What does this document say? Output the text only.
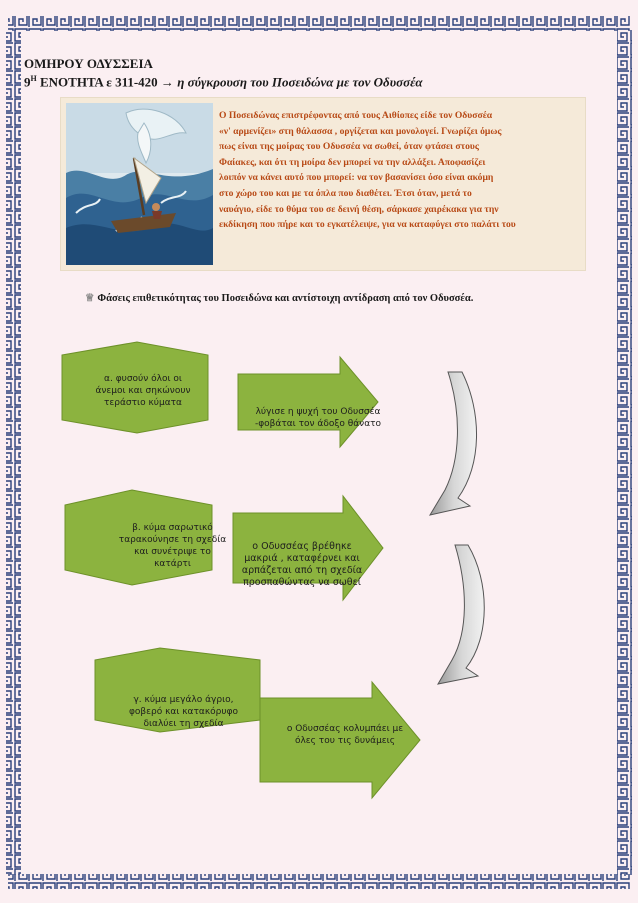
ΟΜΗΡΟΥ ΟΔΥΣΣΕΙΑ
$9^H$ ΕΝΟΤΗΤΑ ε 311-420 → η σύγκρουση του Ποσειδώνα με τον Οδυσσέα
Ο Ποσειδώνας επιστρέφοντας από τους Αιθίοπες είδε τον Οδυσσέα
«ν' αρμενίζει» στη θάλασσα , οργίζεται και μονολογεί. Γνωρίζει όμως
πως είναι της μοίρας του Οδυσσέα να σωθεί, όταν φτάσει στους
Φαίακες, και ότι τη μοίρα δεν μπορεί να την αλλάξει. Αποφασίζει
λοιπόν να κάνει αυτό που μπορεί: να τον βασανίσει όσο είναι ακόμη
στο χώρο του και με τα όπλα που διαθέτει. Έτσι όταν, μετά το
ναυάγιο, είδε το θύμα του σε δεινή θέση, σάρκασε χαιρέκακα για την
εκδίκηση που πήρε και το εγκατέλειψε, για να καταφύγει στο παλάτι του
♕ Φάσεις επιθετικότητας του Ποσειδώνα και αντίστοιχη αντίδραση από τον Οδυσσέα.
α. φυσούν όλοι οι
άνεμοι και σηκώνουν
τεράστιο κύματα
λύγισε η ψυχή του Οδυσσέα
-φοβάται τον άδοξο θάνατο
β. κύμα σαρωτικό
ταρακούνησε τη σχεδία
και συνέτριψε το
κατάρτι
ο Οδυσσέας βρέθηκε
μακριά , καταφέρνει και
αρπάζεται από τη σχεδία
προσπαθώντας να σωθεί
γ. κύμα μεγάλο άγριο,
φοβερό και κατακόρυφο
διαλύει τη σχεδία	ο Οδυσσέας κολυμπάει με
όλες του τις δυνάμεις
